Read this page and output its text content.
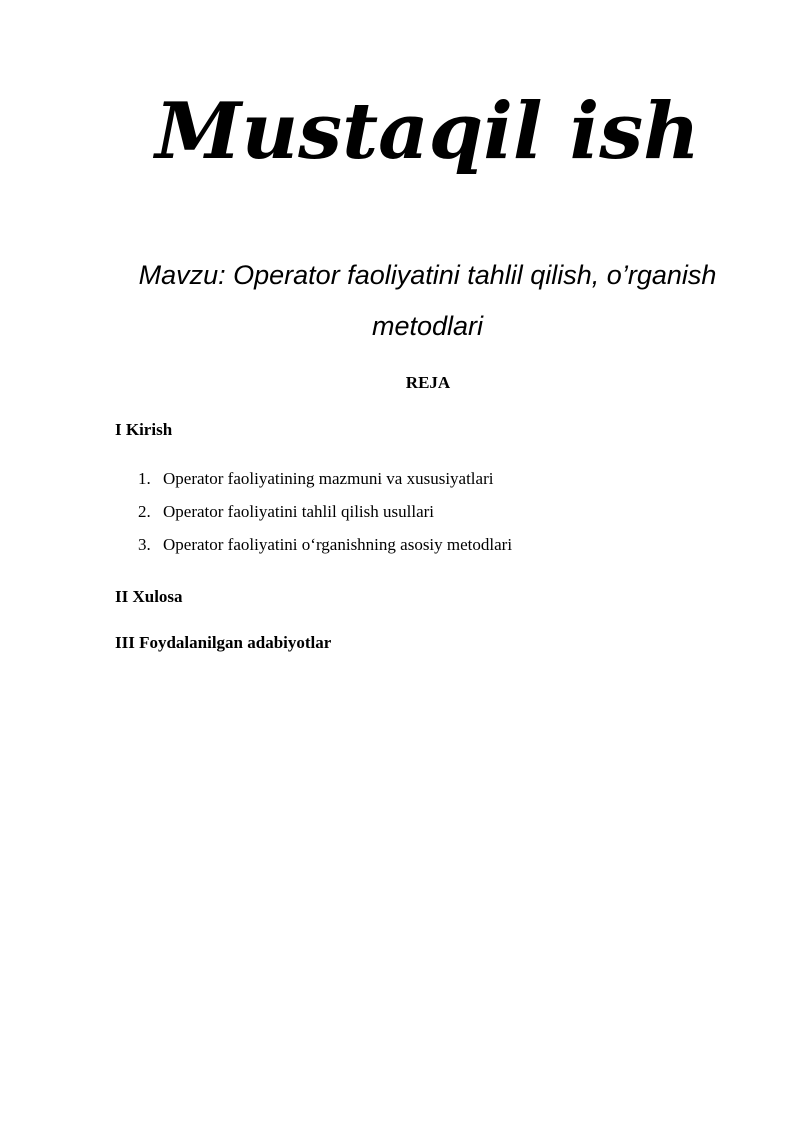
Mustaqil ish
Mavzu: Operator faoliyatini tahlil qilish, o’rganish metodlari
REJA
I Kirish
1. Operator faoliyatining mazmuni va xususiyatlari
2. Operator faoliyatini tahlil qilish usullari
3. Operator faoliyatini o‘rganishning asosiy metodlari
II Xulosa
III Foydalanilgan adabiyotlar
